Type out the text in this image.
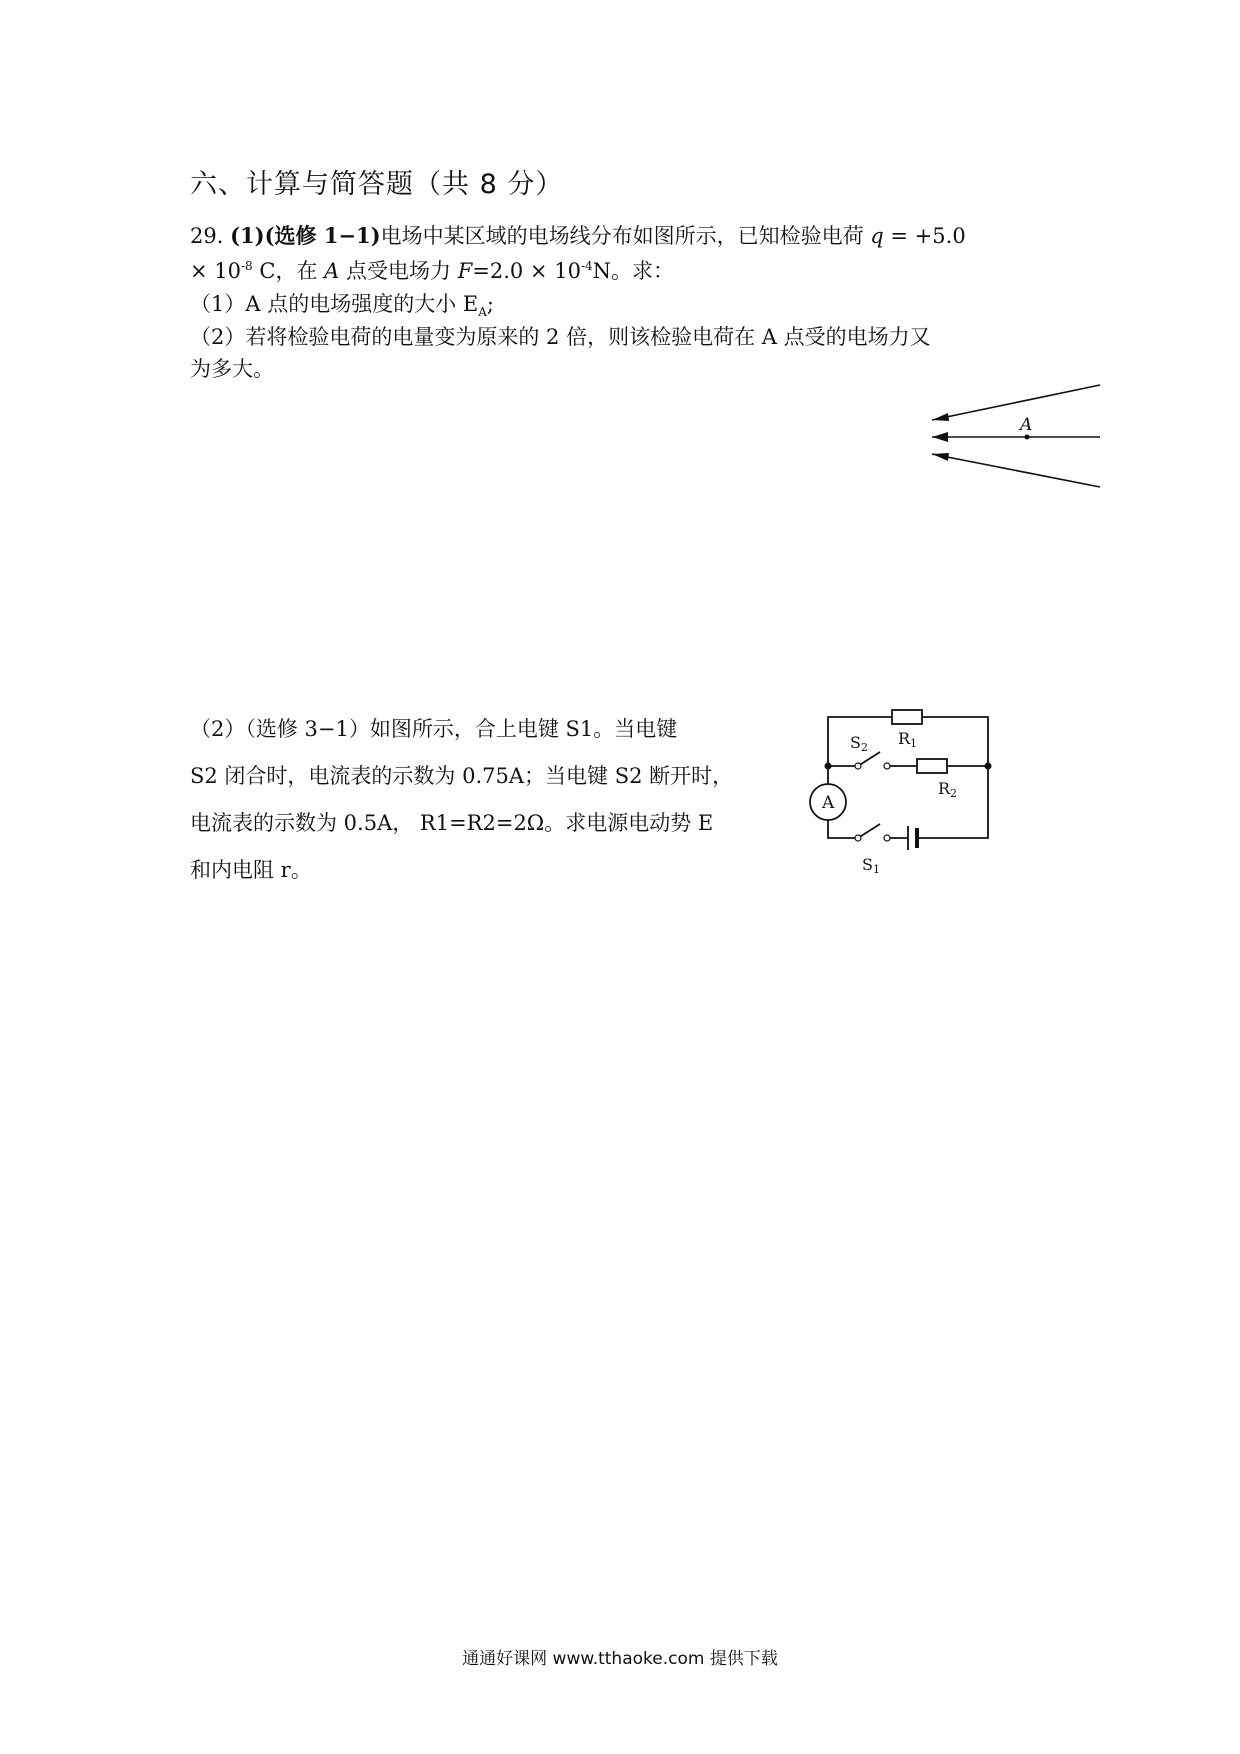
六、计算与简答题（共 8 分）
29. (1)(选修 1−1)电场中某区域的电场线分布如图所示，已知检验电荷 q = +5.0
× $10^{-8}$ C，在 A 点受电场力 $F=2.0 \times 10^{-4}N$。求：
（1）A 点的电场强度的大小 $E_A$;
（2）若将检验电荷的电量变为原来的 2 倍，则该检验电荷在 A 点受的电场力又
为多大。
A
（2）（选修 3−1）如图所示，合上电键 S1。当电键
S2 闭合时，电流表的示数为 0.75A；当电键 S2 断开时，
电流表的示数为 0.5A， R1=R2=2Ω。求电源电动势 E
和内电阻 r。
A
R1
R2
S2
S1
通通好课网 www.tthaoke.com 提供下载
